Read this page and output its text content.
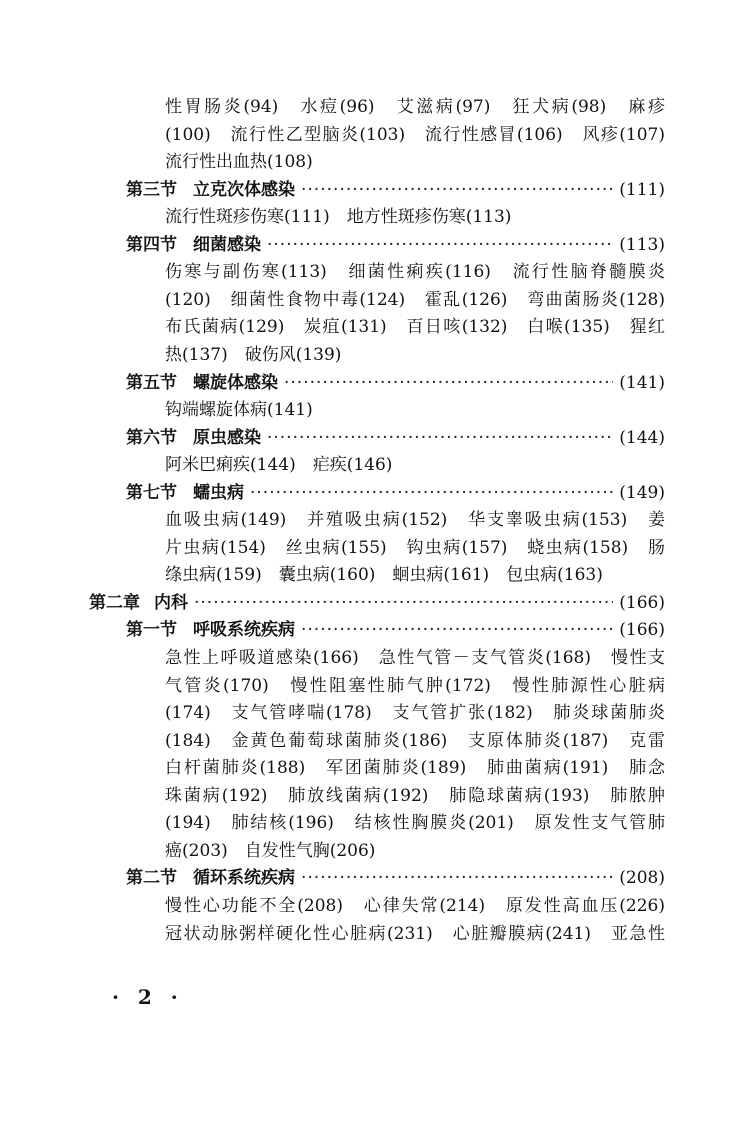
· 2 ·
性胃肠炎(94)　水痘(96)　艾滋病(97)　狂犬病(98)　麻疹
(100)　流行性乙型脑炎(103)　流行性感冒(106)　风疹(107)
流行性出血热(108)
第三节 立克次体感染 ·····	(111)
流行性斑疹伤寒(111)　地方性斑疹伤寒(113)
第四节 细菌感染 ·····	(113)
伤寒与副伤寒(113)　细菌性痢疾(116)　流行性脑脊髓膜炎
(120)　细菌性食物中毒(124)　霍乱(126)　弯曲菌肠炎(128)
布氏菌病(129)　炭疽(131)　百日咳(132)　白喉(135)　猩红
热(137)　破伤风(139)
第五节 螺旋体感染 ·····	(141)
钩端螺旋体病(141)
第六节 原虫感染 ·····	(144)
阿米巴痢疾(144)　疟疾(146)
第七节 蠕虫病 ·····	(149)
血吸虫病(149)　并殖吸虫病(152)　华支睾吸虫病(153)　姜
片虫病(154)　丝虫病(155)　钩虫病(157)　蛲虫病(158)　肠
绦虫病(159)　囊虫病(160)　蛔虫病(161)　包虫病(163)
第二章 内科 ·····	(166)
第一节 呼吸系统疾病 ·····	(166)
急性上呼吸道感染(166)　急性气管－支气管炎(168)　慢性支
气管炎(170)　慢性阻塞性肺气肿(172)　慢性肺源性心脏病
(174)　支气管哮喘(178)　支气管扩张(182)　肺炎球菌肺炎
(184)　金黄色葡萄球菌肺炎(186)　支原体肺炎(187)　克雷
白杆菌肺炎(188)　军团菌肺炎(189)　肺曲菌病(191)　肺念
珠菌病(192)　肺放线菌病(192)　肺隐球菌病(193)　肺脓肿
(194)　肺结核(196)　结核性胸膜炎(201)　原发性支气管肺
癌(203)　自发性气胸(206)
第二节 循环系统疾病 ·····	(208)
慢性心功能不全(208)　心律失常(214)　原发性高血压(226)
冠状动脉粥样硬化性心脏病(231)　心脏瓣膜病(241)　亚急性
